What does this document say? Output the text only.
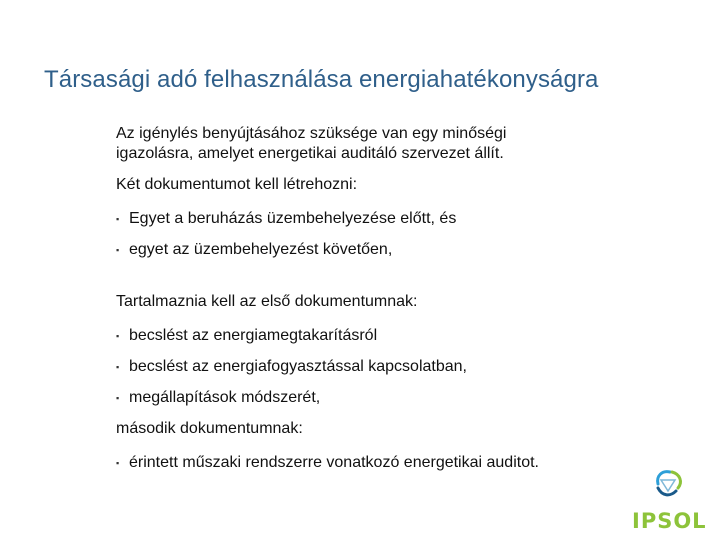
Társasági adó felhasználása energiahatékonyságra

Az igénylés benyújtásához szüksége van egy minőségi

igazolásra, amelyet energetikai auditáló szervezet állít.

Két dokumentumot kell létrehozni:

▪ Egyet a beruházás üzembehelyezése előtt, és
▪ egyet az üzembehelyezést követően,

Tartalmaznia kell az első dokumentumnak:

▪ becslést az energiamegtakarításról
▪ becslést az energiafogyasztással kapcsolatban,
▪ megállapítások módszerét,

második dokumentumnak:

▪ érintett műszaki rendszerre vonatkozó energetikai auditot.
IPSOL
